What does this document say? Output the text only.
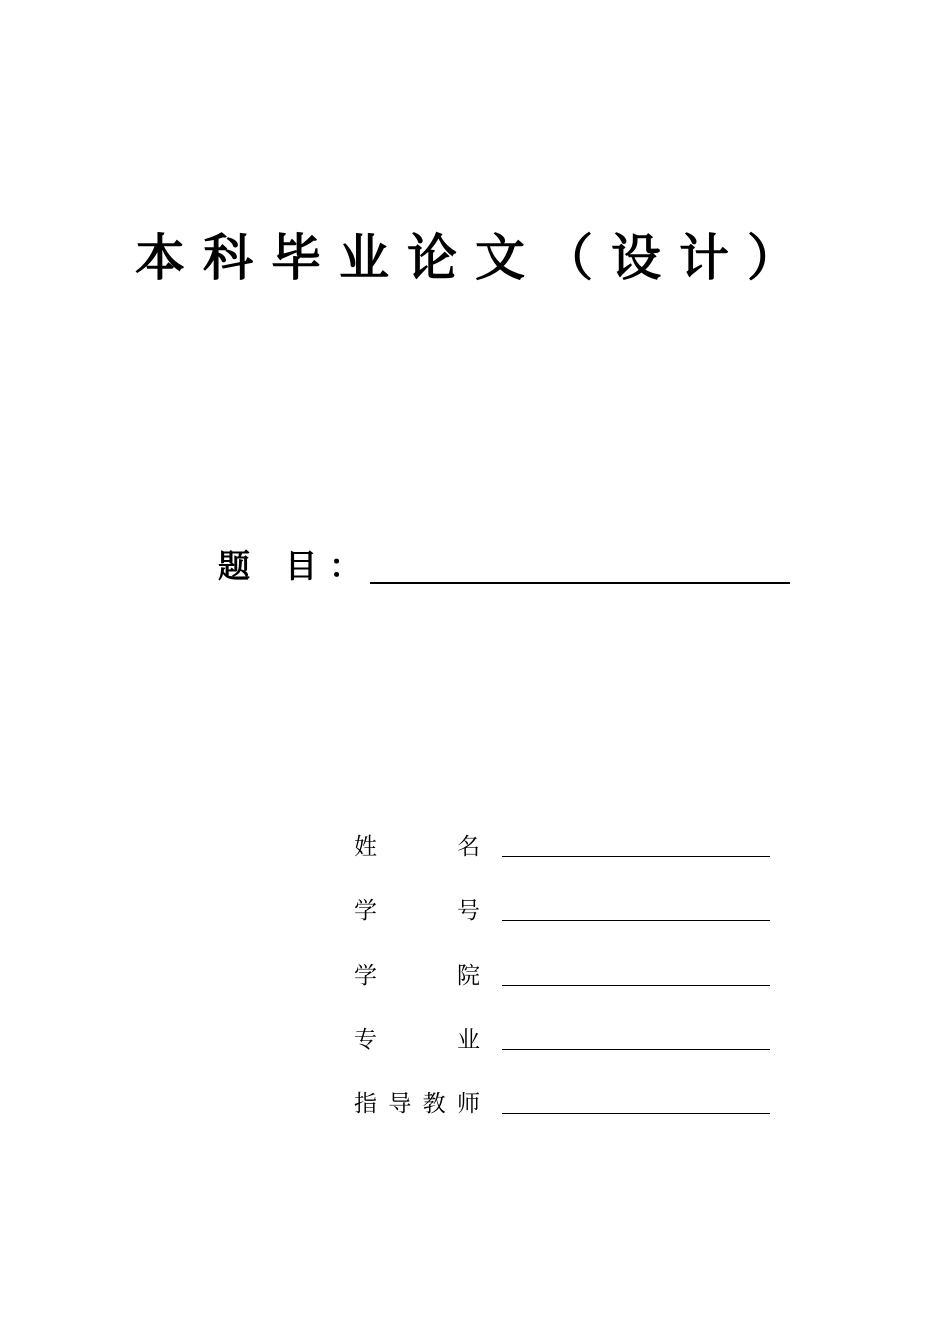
本科毕业论文（设计）
题 目：
姓	名
学	号
学	院
专	业
指 导 教 师
